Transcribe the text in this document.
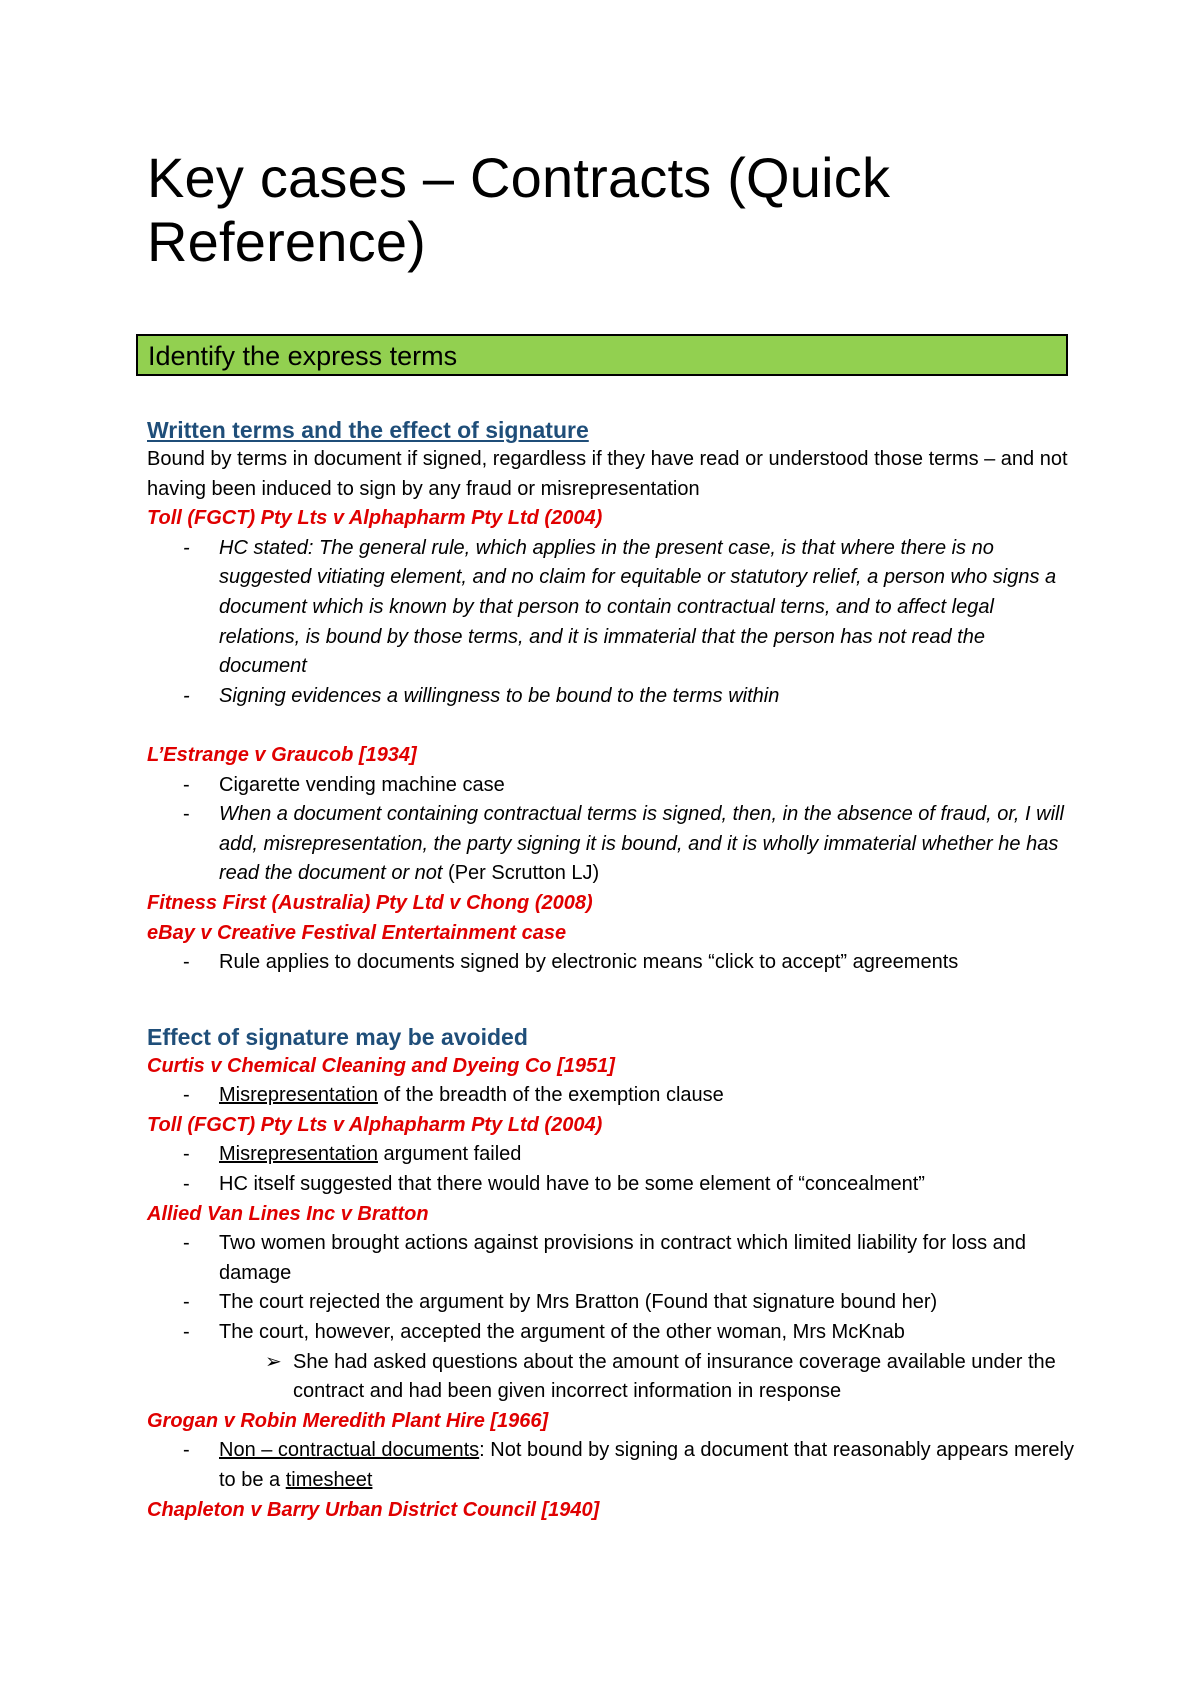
Key cases – Contracts (Quick Reference)
Identify the express terms

Written terms and the effect of signature

Bound by terms in document if signed, regardless if they have read or understood those terms – and not having been induced to sign by any fraud or misrepresentation

Toll (FGCT) Pty Lts v Alphapharm Pty Ltd (2004)

- HC stated: The general rule, which applies in the present case, is that where there is no suggested vitiating element, and no claim for equitable or statutory relief, a person who signs a document which is known by that person to contain contractual terns, and to affect legal relations, is bound by those terms, and it is immaterial that the person has not read the document
- Signing evidences a willingness to be bound to the terms within

L’Estrange v Graucob [1934]

- Cigarette vending machine case
- When a document containing contractual terms is signed, then, in the absence of fraud, or, I will add, misrepresentation, the party signing it is bound, and it is wholly immaterial whether he has read the document or not (Per Scrutton LJ)

Fitness First (Australia) Pty Ltd v Chong (2008)

eBay v Creative Festival Entertainment case

- Rule applies to documents signed by electronic means “click to accept” agreements

Effect of signature may be avoided

Curtis v Chemical Cleaning and Dyeing Co [1951]

- Misrepresentation of the breadth of the exemption clause

Toll (FGCT) Pty Lts v Alphapharm Pty Ltd (2004)

- Misrepresentation argument failed
- HC itself suggested that there would have to be some element of “concealment”

Allied Van Lines Inc v Bratton

- Two women brought actions against provisions in contract which limited liability for loss and damage
- The court rejected the argument by Mrs Bratton (Found that signature bound her)
- The court, however, accepted the argument of the other woman, Mrs McKnab
➢ She had asked questions about the amount of insurance coverage available under the contract and had been given incorrect information in response

Grogan v Robin Meredith Plant Hire [1966]

- Non – contractual documents: Not bound by signing a document that reasonably appears merely to be a timesheet

Chapleton v Barry Urban District Council [1940]
